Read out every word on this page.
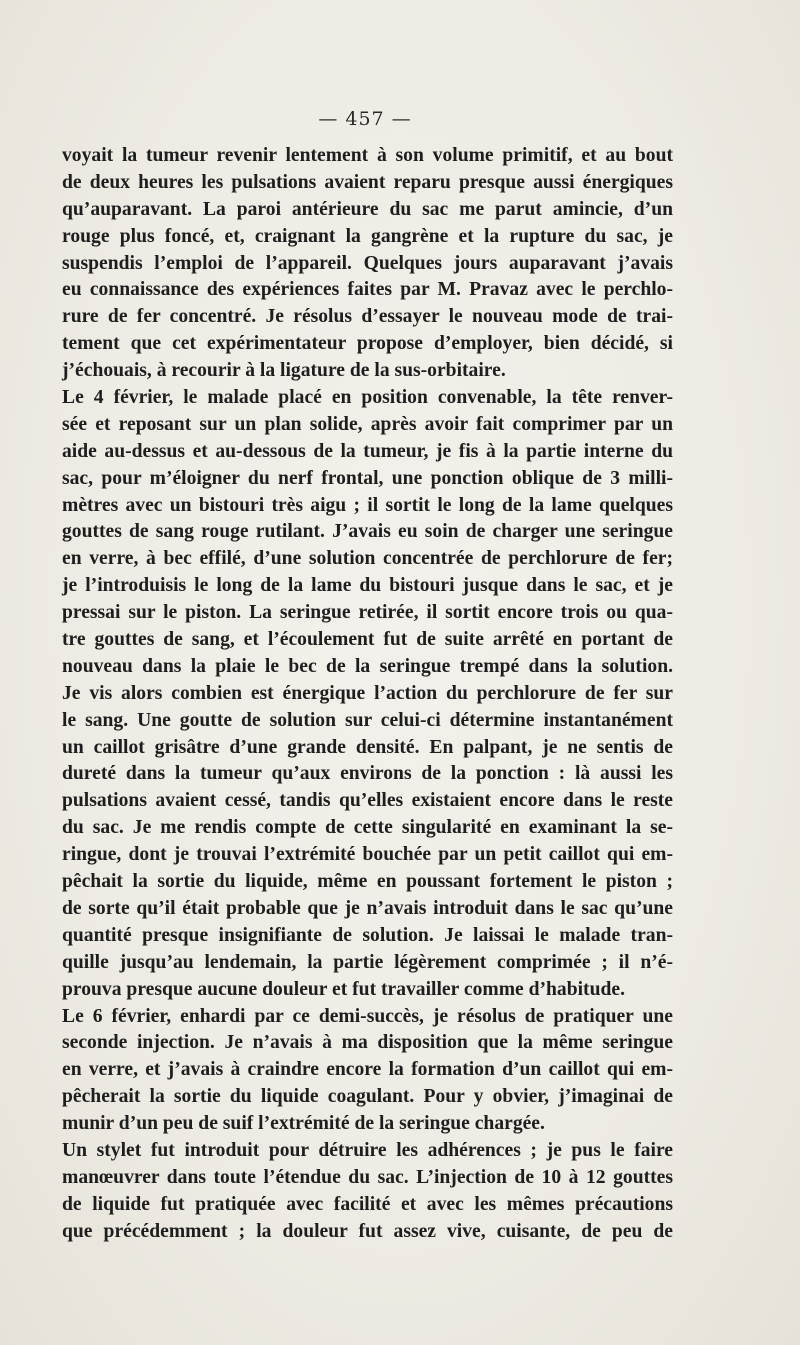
— 457 —
voyait la tumeur revenir lentement à son volume primitif, et au bout
de deux heures les pulsations avaient reparu presque aussi énergiques
qu’auparavant. La paroi antérieure du sac me parut amincie, d’un
rouge plus foncé, et, craignant la gangrène et la rupture du sac, je
suspendis l’emploi de l’appareil. Quelques jours auparavant j’avais
eu connaissance des expériences faites par M. Pravaz avec le perchlo-
rure de fer concentré. Je résolus d’essayer le nouveau mode de trai-
tement que cet expérimentateur propose d’employer, bien décidé, si
j’échouais, à recourir à la ligature de la sus-orbitaire.
Le 4 février, le malade placé en position convenable, la tête renver-
sée et reposant sur un plan solide, après avoir fait comprimer par un
aide au-dessus et au-dessous de la tumeur, je fis à la partie interne du
sac, pour m’éloigner du nerf frontal, une ponction oblique de 3 milli-
mètres avec un bistouri très aigu ; il sortit le long de la lame quelques
gouttes de sang rouge rutilant. J’avais eu soin de charger une seringue
en verre, à bec effilé, d’une solution concentrée de perchlorure de fer;
je l’introduisis le long de la lame du bistouri jusque dans le sac, et je
pressai sur le piston. La seringue retirée, il sortit encore trois ou qua-
tre gouttes de sang, et l’écoulement fut de suite arrêté en portant de
nouveau dans la plaie le bec de la seringue trempé dans la solution.
Je vis alors combien est énergique l’action du perchlorure de fer sur
le sang. Une goutte de solution sur celui-ci détermine instantanément
un caillot grisâtre d’une grande densité. En palpant, je ne sentis de
dureté dans la tumeur qu’aux environs de la ponction : là aussi les
pulsations avaient cessé, tandis qu’elles existaient encore dans le reste
du sac. Je me rendis compte de cette singularité en examinant la se-
ringue, dont je trouvai l’extrémité bouchée par un petit caillot qui em-
pêchait la sortie du liquide, même en poussant fortement le piston ;
de sorte qu’il était probable que je n’avais introduit dans le sac qu’une
quantité presque insignifiante de solution. Je laissai le malade tran-
quille jusqu’au lendemain, la partie légèrement comprimée ; il n’é-
prouva presque aucune douleur et fut travailler comme d’habitude.
Le 6 février, enhardi par ce demi-succès, je résolus de pratiquer une
seconde injection. Je n’avais à ma disposition que la même seringue
en verre, et j’avais à craindre encore la formation d’un caillot qui em-
pêcherait la sortie du liquide coagulant. Pour y obvier, j’imaginai de
munir d’un peu de suif l’extrémité de la seringue chargée.
Un stylet fut introduit pour détruire les adhérences ; je pus le faire
manœuvrer dans toute l’étendue du sac. L’injection de 10 à 12 gouttes
de liquide fut pratiquée avec facilité et avec les mêmes précautions
que précédemment ; la douleur fut assez vive, cuisante, de peu de
